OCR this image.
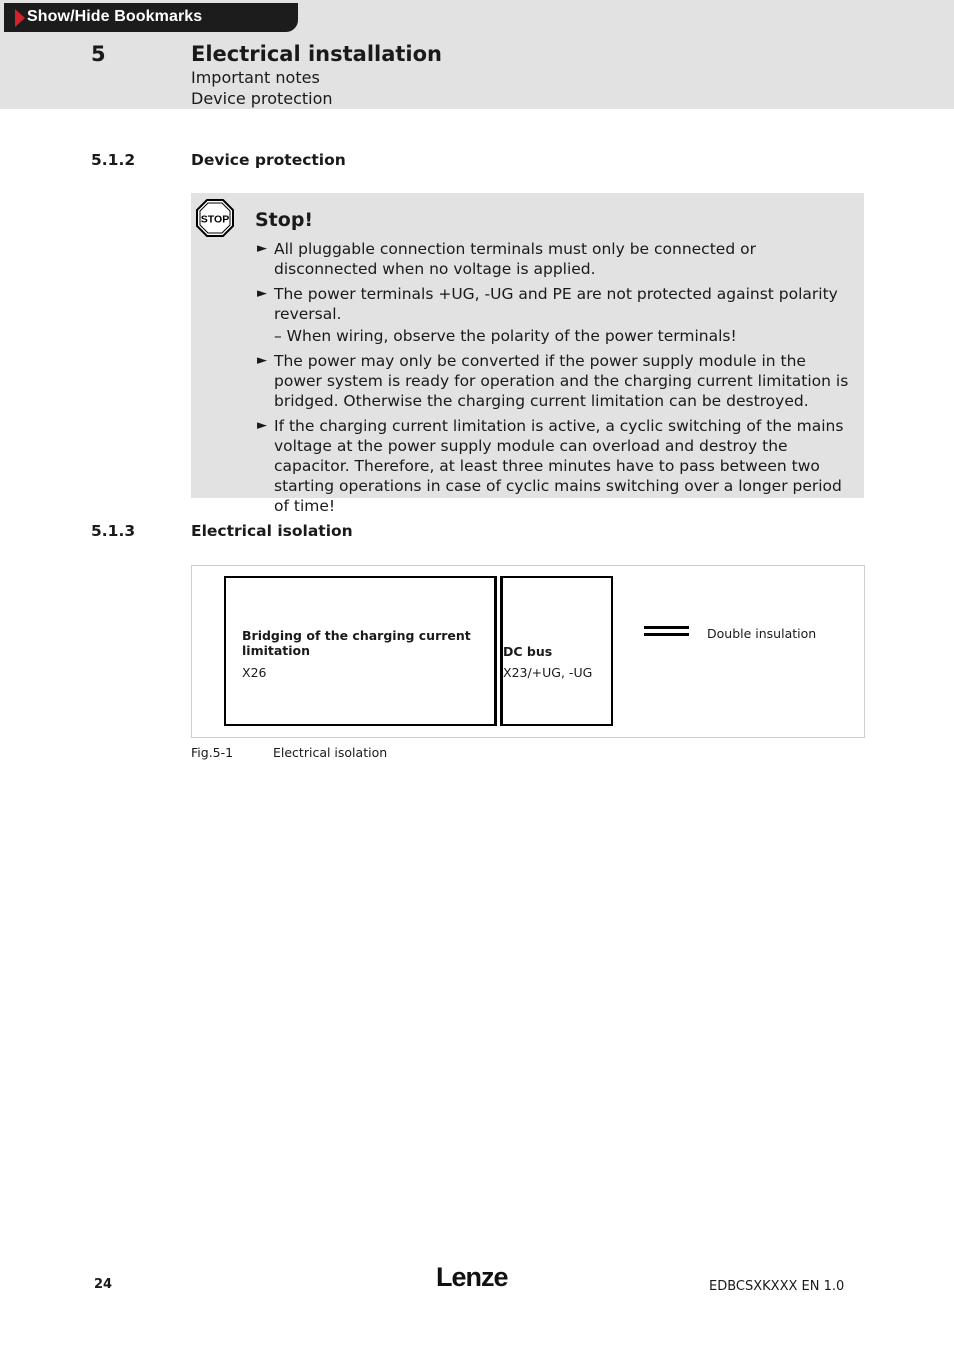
Show/Hide Bookmarks
5	Electrical installation
Important notes
Device protection
5.1.2	Device protection
STOP Stop!
► All pluggable connection terminals must only be connected or disconnected when no voltage is applied.
► The power terminals +UG, -UG and PE are not protected against polarity reversal.
– When wiring, observe the polarity of the power terminals!
► The power may only be converted if the power supply module in the power system is ready for operation and the charging current limitation is bridged. Otherwise the charging current limitation can be destroyed.
► If the charging current limitation is active, a cyclic switching of the mains voltage at the power supply module can overload and destroy the capacitor. Therefore, at least three minutes have to pass between two starting operations in case of cyclic mains switching over a longer period of time!
5.1.3	Electrical isolation
Bridging of the charging current limitation
X26
DC bus
X23/+UG, -UG
Double insulation
Fig.5-1	Electrical isolation
24	Lenze	EDBCSXKXXX EN 1.0
